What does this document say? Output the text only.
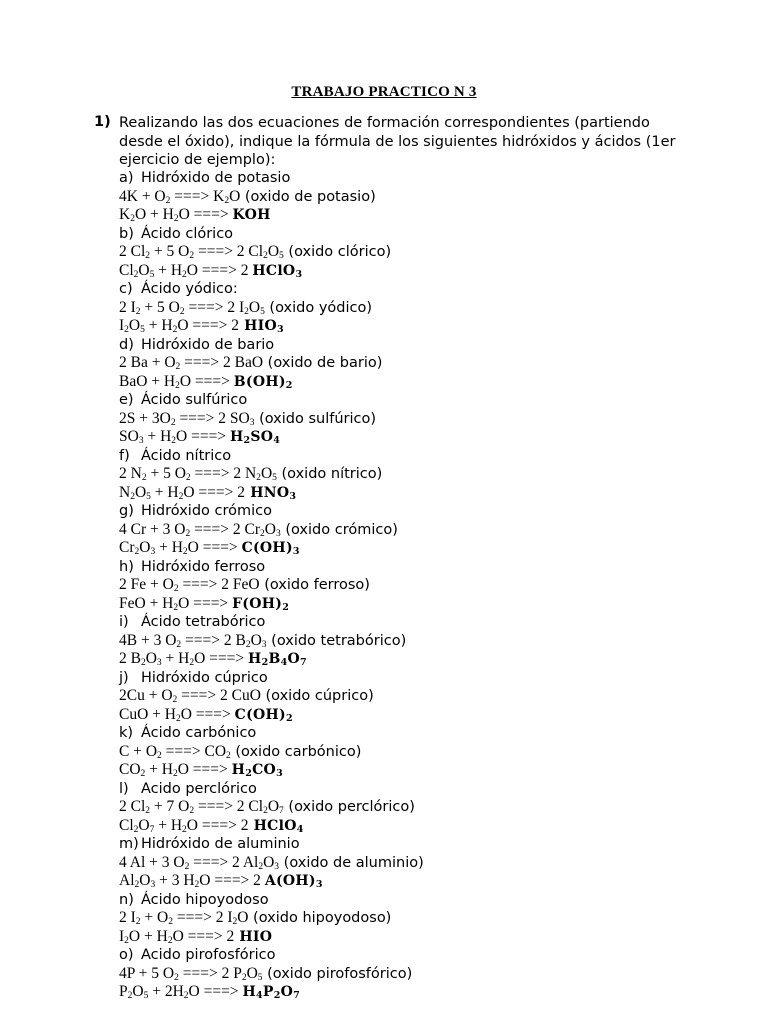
TRABAJO PRACTICO N 3
1) Realizando las dos ecuaciones de formación correspondientes (partiendo desde el óxido), indique la fórmula de los siguientes hidróxidos y ácidos (1er ejercicio de ejemplo):
a) Hidróxido de potasio
$4K + O_2$ ===> $K_2O$ (oxido de potasio)
$K_2O + H_2O$ ===> KOH
b) Ácido clórico
2 $Cl_2 + 5$ $O_2$ ===> 2 $Cl_2O_5$ (oxido clórico)
$Cl_2O_5 + H_2O$ ===> 2 HClO$_3$
c) Ácido yódico:
2 $I_2 + 5$ $O_2$ ===> 2 $I_2O_5$ (oxido yódico)
$I_2O_5 + H_2O$ ===> 2 $HIO_3$
d) Hidróxido de bario
2 $Ba + O_2$ ===> 2 BaO (oxido de bario)
BaO + $H_2O$ ===> $B(OH)_2$
e) Ácido sulfúrico
$2S + 3O_2$ ===> 2 $SO_3$ (oxido sulfúrico)
$SO_3 + H_2O$ ===> $H_2SO_4$
f) Ácido nítrico
2 $N_2 + 5$ $O_2$ ===> 2 $N_2O_5$ (oxido nítrico)
$N_2O_5 + H_2O$ ===> 2 $HNO_3$
g) Hidróxido crómico
4 Cr + 3 $O_2$ ===> 2 $Cr_2O_3$ (oxido crómico)
$Cr_2O_3 + H_2O$ ===> $C(OH)_3$
h) Hidróxido ferroso
2 $Fe + O_2$ ===> 2 FeO (oxido ferroso)
FeO + $H_2O$ ===> $F(OH)_2$
i) Ácido tetrabórico
4B + 3 $O_2$ ===> 2 $B_2O_3$ (oxido tetrabórico)
2 $B_2O_3 + H_2O$ ===> $H_2B_4O_7$
j) Hidróxido cúprico
$2Cu + O_2$ ===> 2 CuO (oxido cúprico)
CuO + $H_2O$ ===> $C(OH)_2$
k) Ácido carbónico
$C + O_2$ ===> $CO_2$ (oxido carbónico)
$CO_2 + H_2O$ ===> $H_2CO_3$
l) Acido perclórico
2 $Cl_2 + 7$ $O_2$ ===> 2 $Cl_2O_7$ (oxido perclórico)
$Cl_2O_7 + H_2O$ ===> 2 HClO$_4$
m) Hidróxido de aluminio
4 Al + 3 $O_2$ ===> 2 $Al_2O_3$ (oxido de aluminio)
$Al_2O_3 + 3$ $H_2O$ ===> 2 $A(OH)_3$
n) Ácido hipoyodoso
2 $I_2 + O_2$ ===> 2 $I_2O$ (oxido hipoyodoso)
$I_2O + H_2O$ ===> 2 HIO
o) Acido pirofosfórico
4P + 5 $O_2$ ===> 2 $P_2O_5$ (oxido pirofosfórico)
$P_2O_5 + 2H_2O$ ===> $H_4P_2O_7$
